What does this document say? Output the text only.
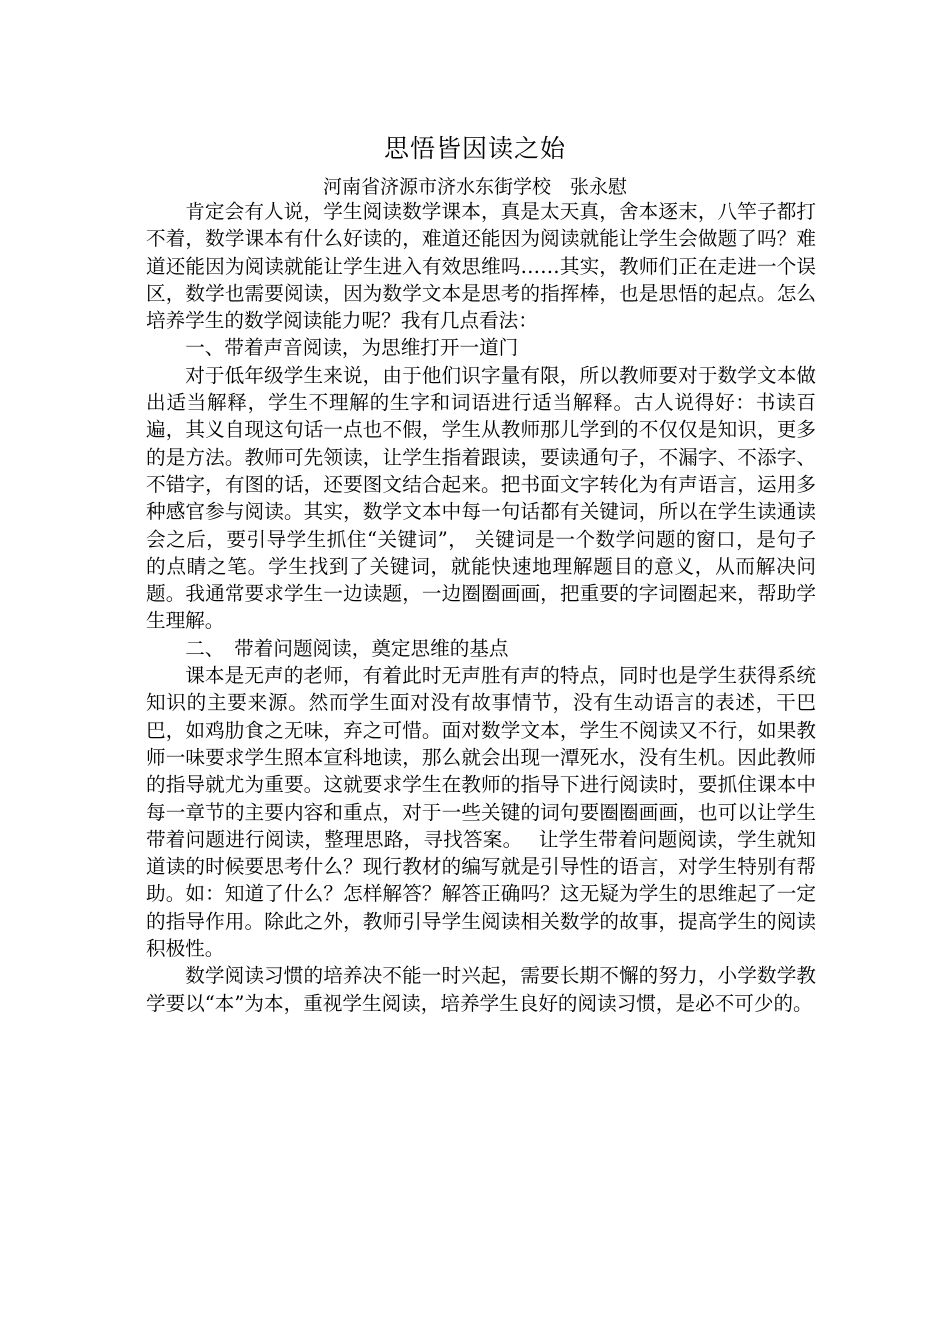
思悟皆因读之始
河南省济源市济水东街学校　张永慰

肯定会有人说，学生阅读数学课本，真是太天真，舍本逐末，八竿子都打不着，数学课本有什么好读的，难道还能因为阅读就能让学生会做题了吗？难道还能因为阅读就能让学生进入有效思维吗……其实，教师们正在走进一个误区，数学也需要阅读，因为数学文本是思考的指挥棒，也是思悟的起点。怎么培养学生的数学阅读能力呢？我有几点看法：

一、带着声音阅读，为思维打开一道门

对于低年级学生来说，由于他们识字量有限，所以教师要对于数学文本做出适当解释，学生不理解的生字和词语进行适当解释。古人说得好：书读百遍，其义自现这句话一点也不假，学生从教师那儿学到的不仅仅是知识，更多的是方法。教师可先领读，让学生指着跟读，要读通句子，不漏字、不添字、不错字，有图的话，还要图文结合起来。把书面文字转化为有声语言，运用多种感官参与阅读。其实，数学文本中每一句话都有关键词，所以在学生读通读会之后，要引导学生抓住“关键词”， 关键词是一个数学问题的窗口，是句子的点睛之笔。学生找到了关键词，就能快速地理解题目的意义，从而解决问题。我通常要求学生一边读题，一边圈圈画画，把重要的字词圈起来，帮助学生理解。

二、　带着问题阅读，奠定思维的基点

课本是无声的老师，有着此时无声胜有声的特点，同时也是学生获得系统知识的主要来源。然而学生面对没有故事情节，没有生动语言的表述，干巴巴，如鸡肋食之无味，弃之可惜。面对数学文本，学生不阅读又不行，如果教师一味要求学生照本宣科地读，那么就会出现一潭死水，没有生机。因此教师的指导就尤为重要。这就要求学生在教师的指导下进行阅读时，要抓住课本中每一章节的主要内容和重点，对于一些关键的词句要圈圈画画，也可以让学生带着问题进行阅读，整理思路，寻找答案。　 让学生带着问题阅读，学生就知道读的时候要思考什么？现行教材的编写就是引导性的语言，对学生特别有帮助。如：知道了什么？怎样解答？解答正确吗？这无疑为学生的思维起了一定的指导作用。除此之外，教师引导学生阅读相关数学的故事，提高学生的阅读积极性。

数学阅读习惯的培养决不能一时兴起，需要长期不懈的努力，小学数学教学要以“本”为本，重视学生阅读，培养学生良好的阅读习惯，是必不可少的。
